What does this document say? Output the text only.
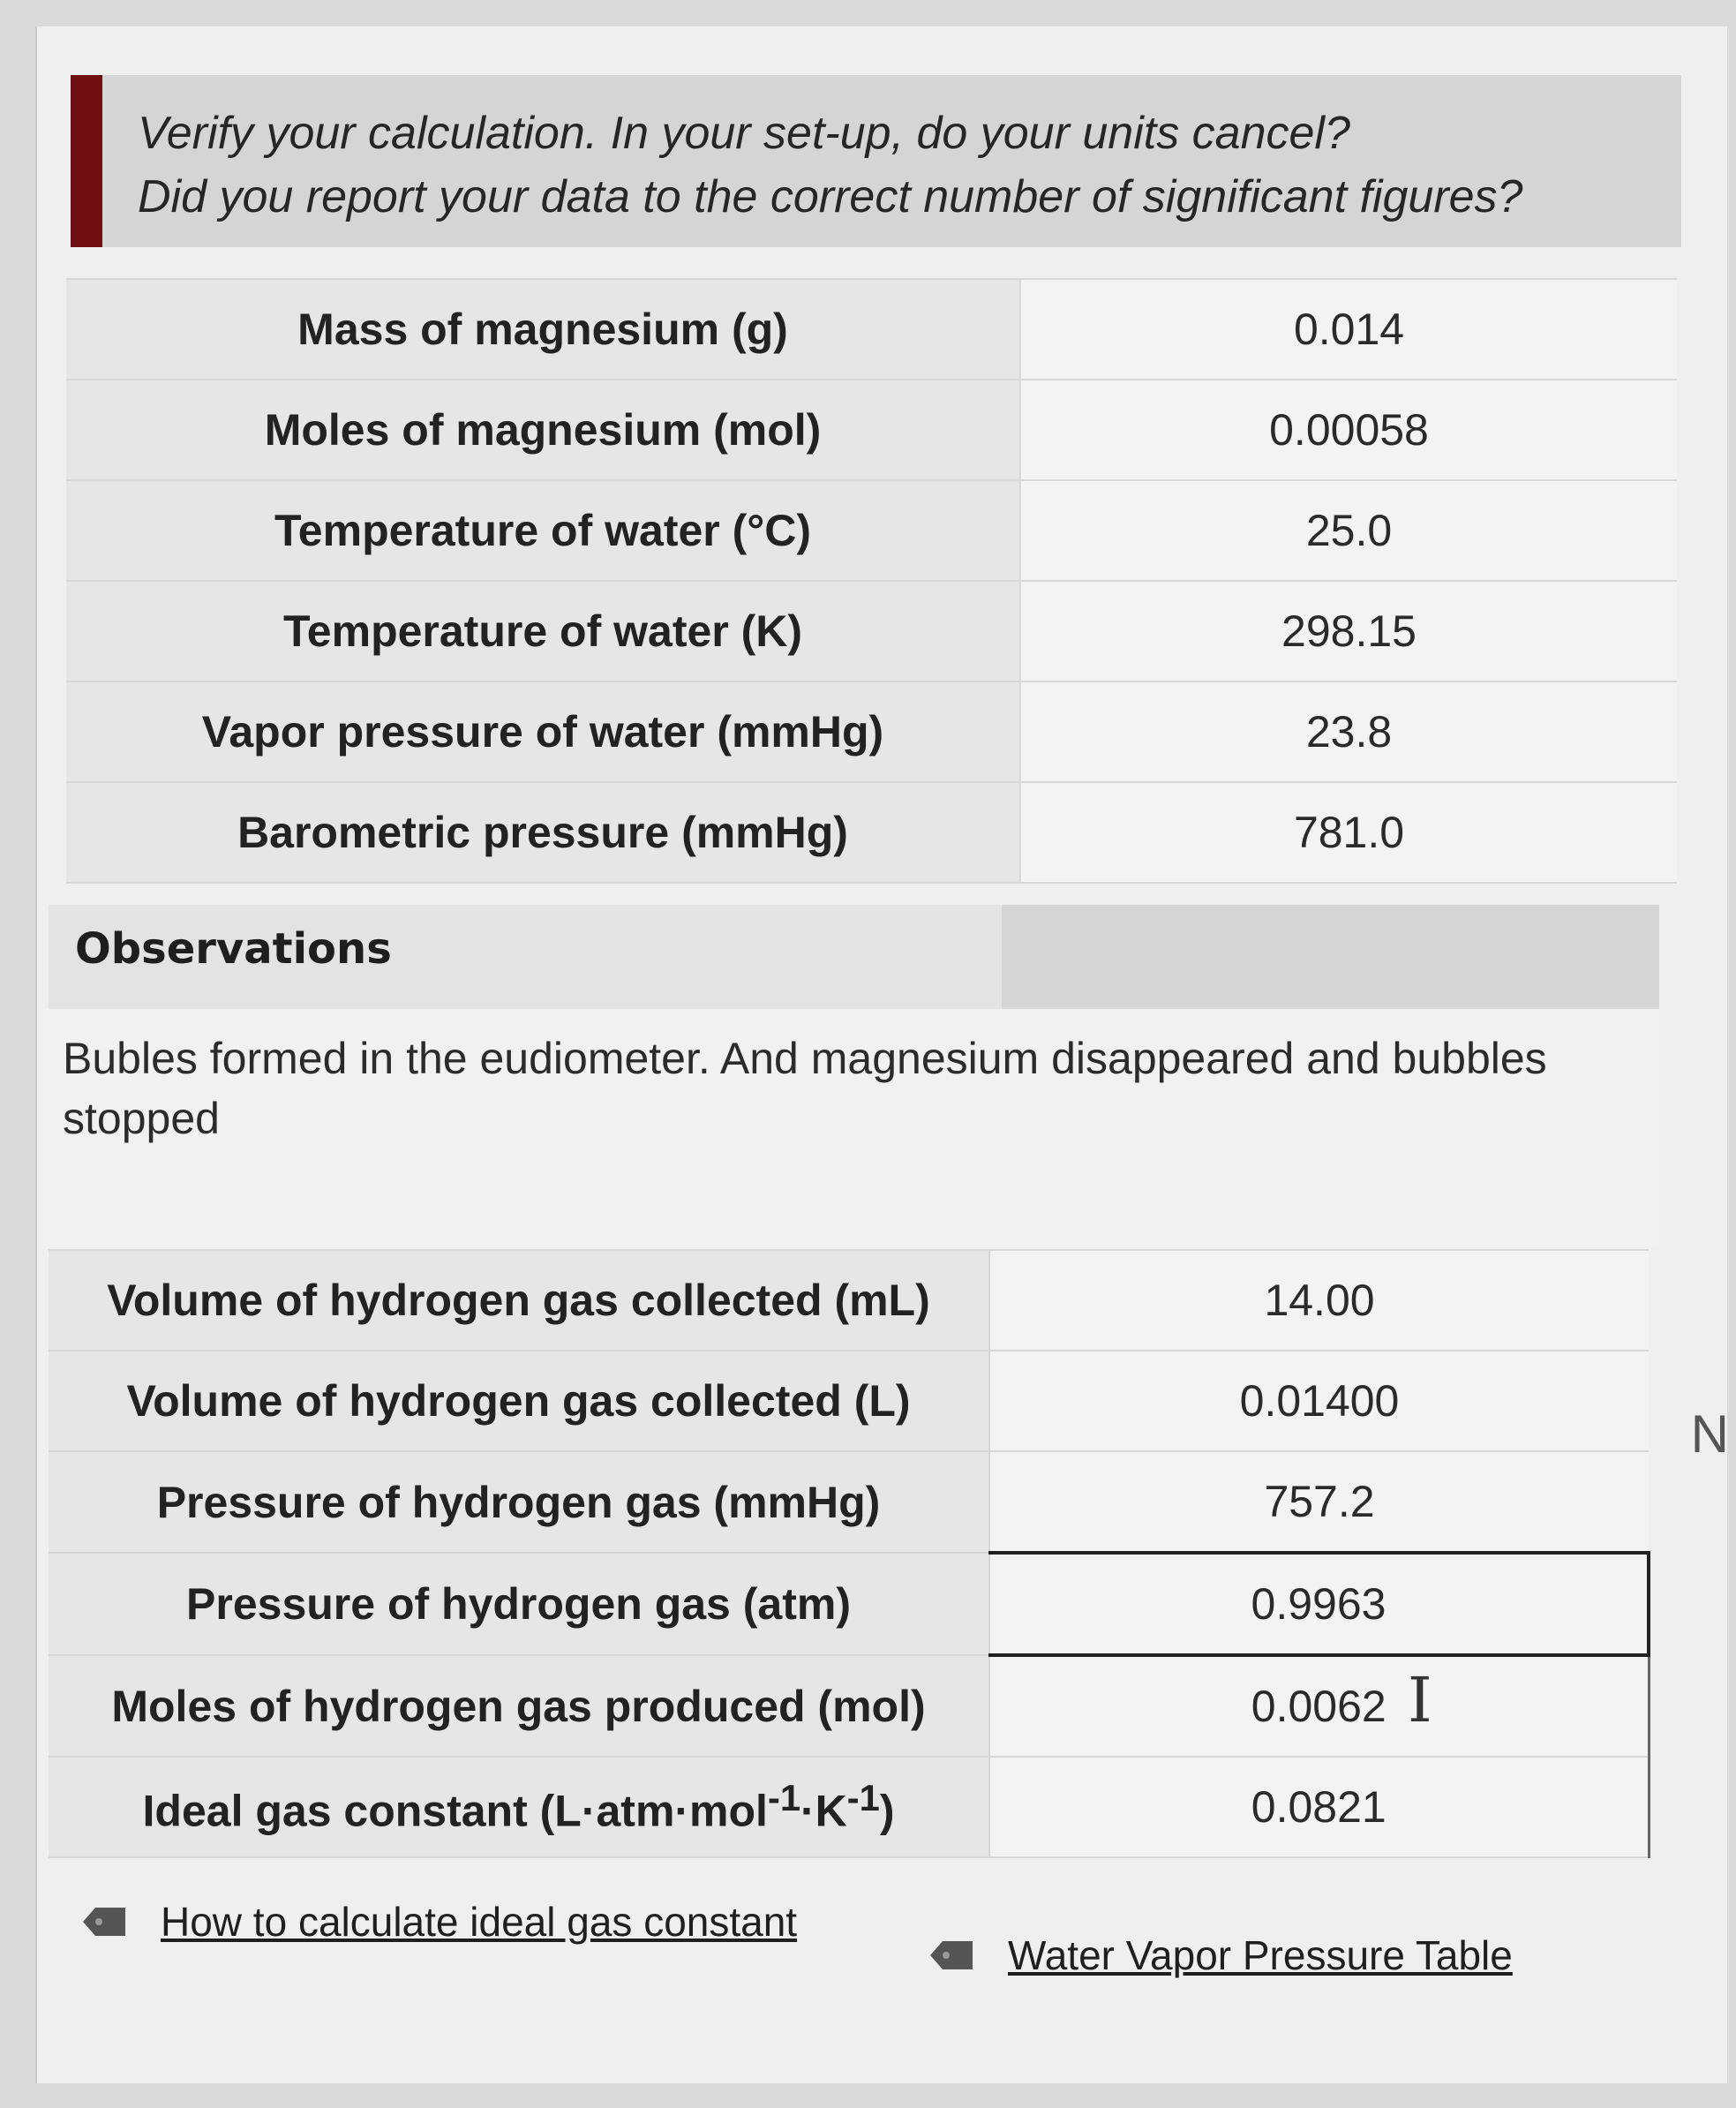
Verify your calculation. In your set-up, do your units cancel?
Did you report your data to the correct number of significant figures?
Mass of magnesium (g)	0.014
Moles of magnesium (mol)	0.00058
Temperature of water (°C)	25.0
Temperature of water (K)	298.15
Vapor pressure of water (mmHg)	23.8
Barometric pressure (mmHg)	781.0
Observations
Bubles formed in the eudiometer. And magnesium disappeared and bubbles stopped
Volume of hydrogen gas collected (mL)	14.00
Volume of hydrogen gas collected (L)	0.01400
Pressure of hydrogen gas (mmHg)	757.2
Pressure of hydrogen gas (atm)	0.9963
Moles of hydrogen gas produced (mol)	0.0062
Ideal gas constant $(L\cdot atm\cdot mol^{-1}\cdot K^{-1})$	0.0821
I
How to calculate ideal gas constant
Water Vapor Pressure Table
N
